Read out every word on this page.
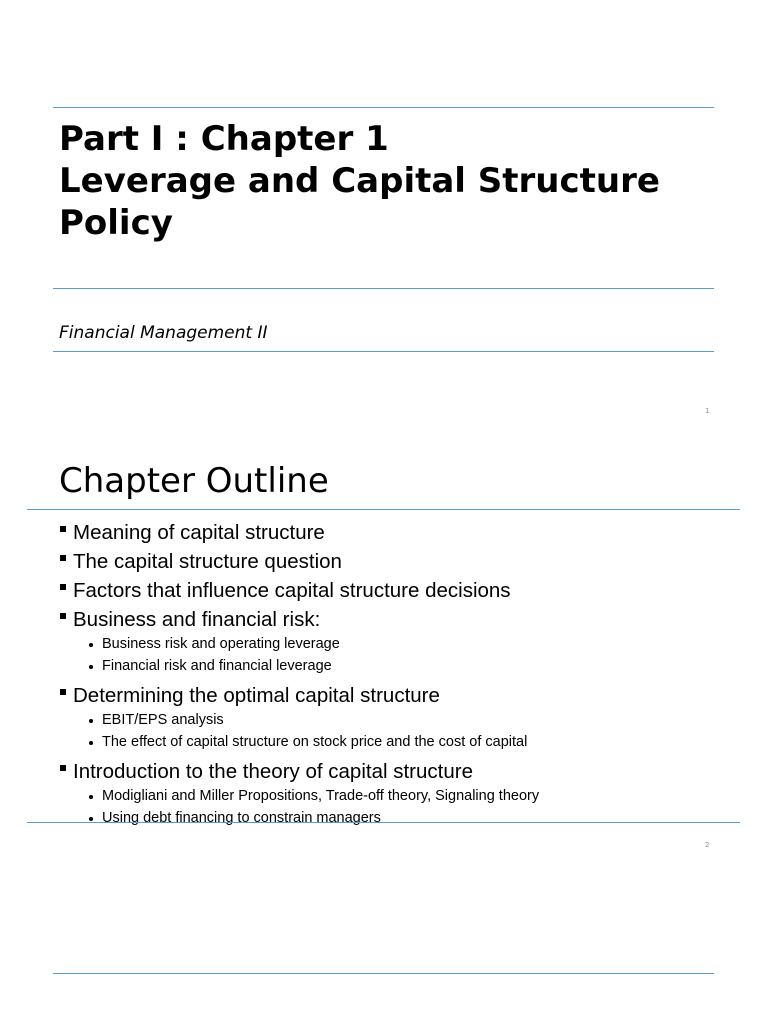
Part I : Chapter 1
Leverage and Capital Structure
Policy

Financial Management II

1
Chapter Outline
Meaning of capital structure
The capital structure question
Factors that influence capital structure decisions
Business and financial risk:
Business risk and operating leverage
Financial risk and financial leverage
Determining the optimal capital structure
EBIT/EPS analysis
The effect of capital structure on stock price and the cost of capital
Introduction to the theory of capital structure
Modigliani and Miller Propositions, Trade-off theory, Signaling theory
Using debt financing to constrain managers
2
